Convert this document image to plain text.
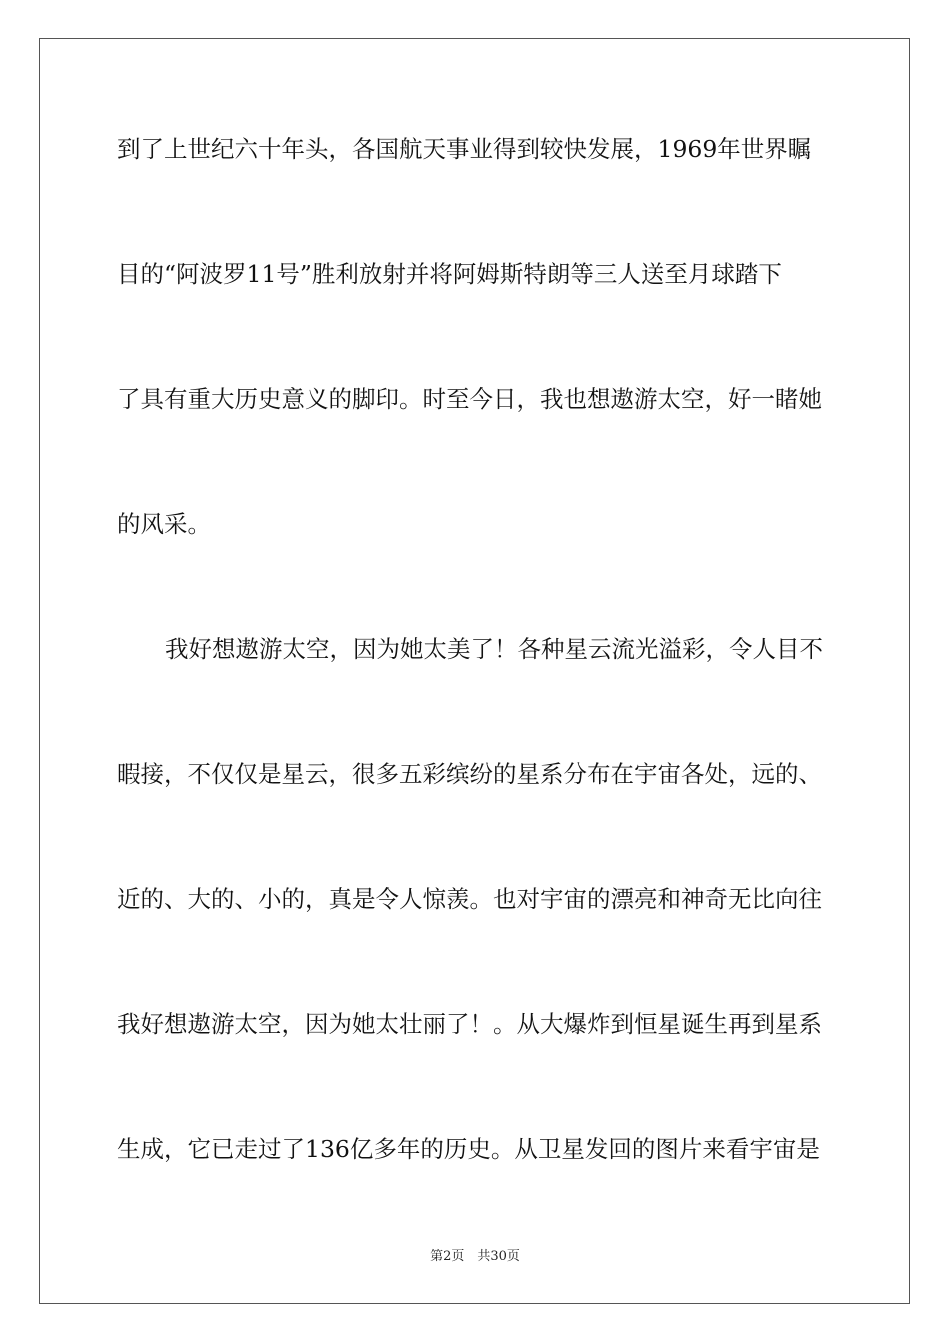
到了上世纪六十年头，各国航天事业得到较快发展，1969年世界瞩
目的“阿波罗11号”胜利放射并将阿姆斯特朗等三人送至月球踏下
了具有重大历史意义的脚印。时至今日，我也想遨游太空，好一睹她
的风采。
我好想遨游太空，因为她太美了！各种星云流光溢彩，令人目不
暇接，不仅仅是星云，很多五彩缤纷的星系分布在宇宙各处，远的、
近的、大的、小的，真是令人惊羡。也对宇宙的漂亮和神奇无比向往
我好想遨游太空，因为她太壮丽了！。从大爆炸到恒星诞生再到星系
生成，它已走过了136亿多年的历史。从卫星发回的图片来看宇宙是
第2页　共30页
